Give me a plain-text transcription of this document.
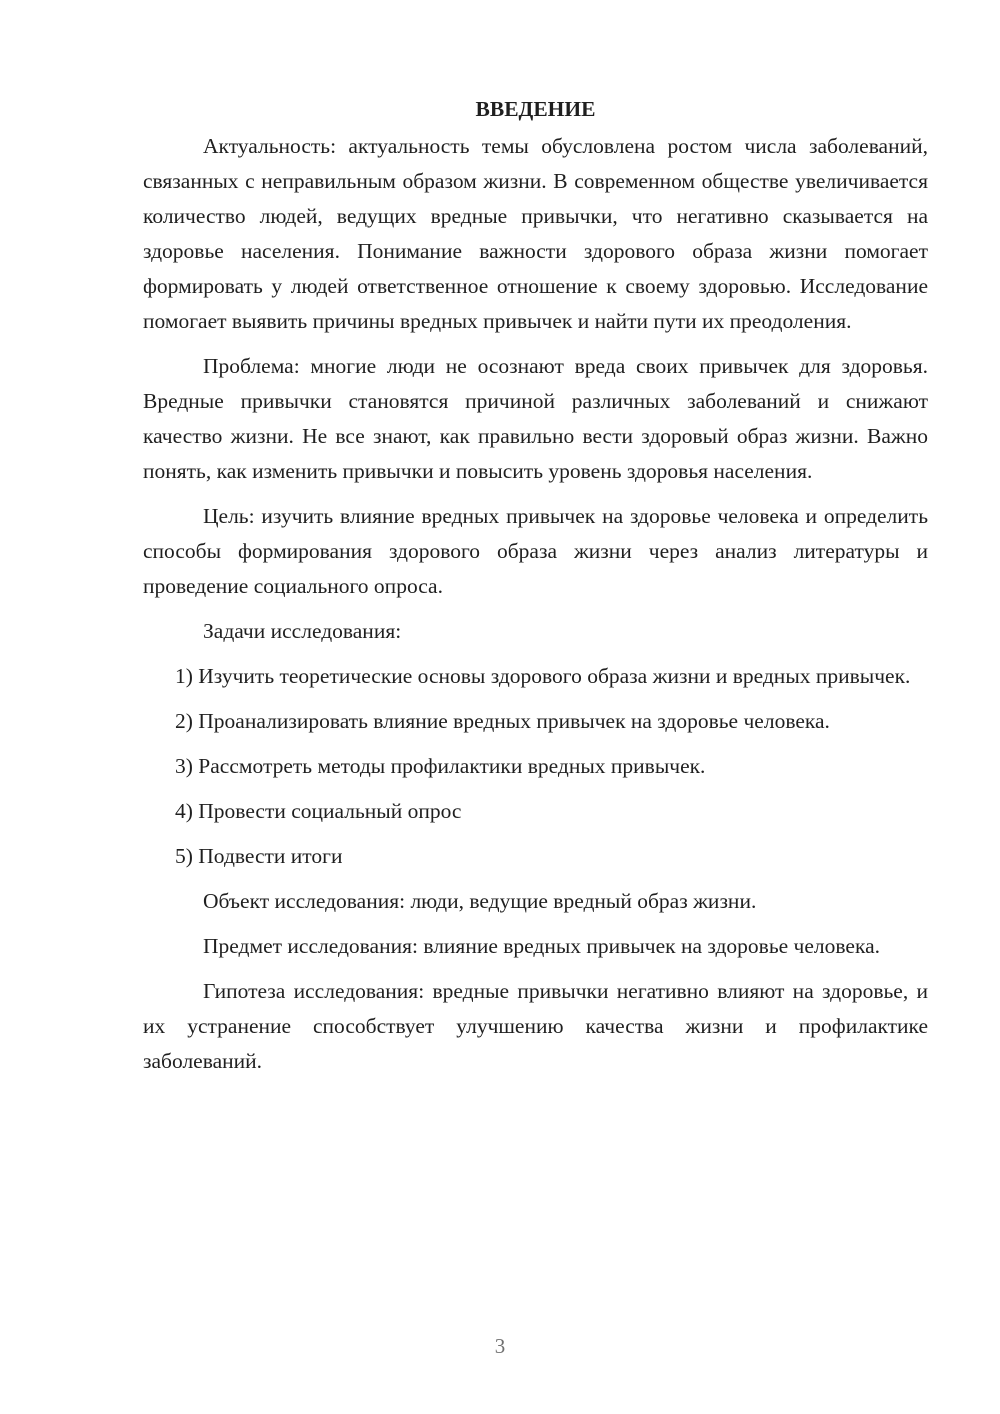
ВВЕДЕНИЕ

Актуальность: актуальность темы обусловлена ростом числа заболеваний, связанных с неправильным образом жизни. В современном обществе увеличивается количество людей, ведущих вредные привычки, что негативно сказывается на здоровье населения. Понимание важности здорового образа жизни помогает формировать у людей ответственное отношение к своему здоровью. Исследование помогает выявить причины вредных привычек и найти пути их преодоления.

Проблема: многие люди не осознают вреда своих привычек для здоровья. Вредные привычки становятся причиной различных заболеваний и снижают качество жизни. Не все знают, как правильно вести здоровый образ жизни. Важно понять, как изменить привычки и повысить уровень здоровья населения.

Цель: изучить влияние вредных привычек на здоровье человека и определить способы формирования здорового образа жизни через анализ литературы и проведение социального опроса.

Задачи исследования:

1) Изучить теоретические основы здорового образа жизни и вредных привычек.

2) Проанализировать влияние вредных привычек на здоровье человека.

3) Рассмотреть методы профилактики вредных привычек.

4) Провести социальный опрос

5) Подвести итоги

Объект исследования: люди, ведущие вредный образ жизни.

Предмет исследования: влияние вредных привычек на здоровье человека.

Гипотеза исследования: вредные привычки негативно влияют на здоровье, и их устранение способствует улучшению качества жизни и профилактике заболеваний.

3
